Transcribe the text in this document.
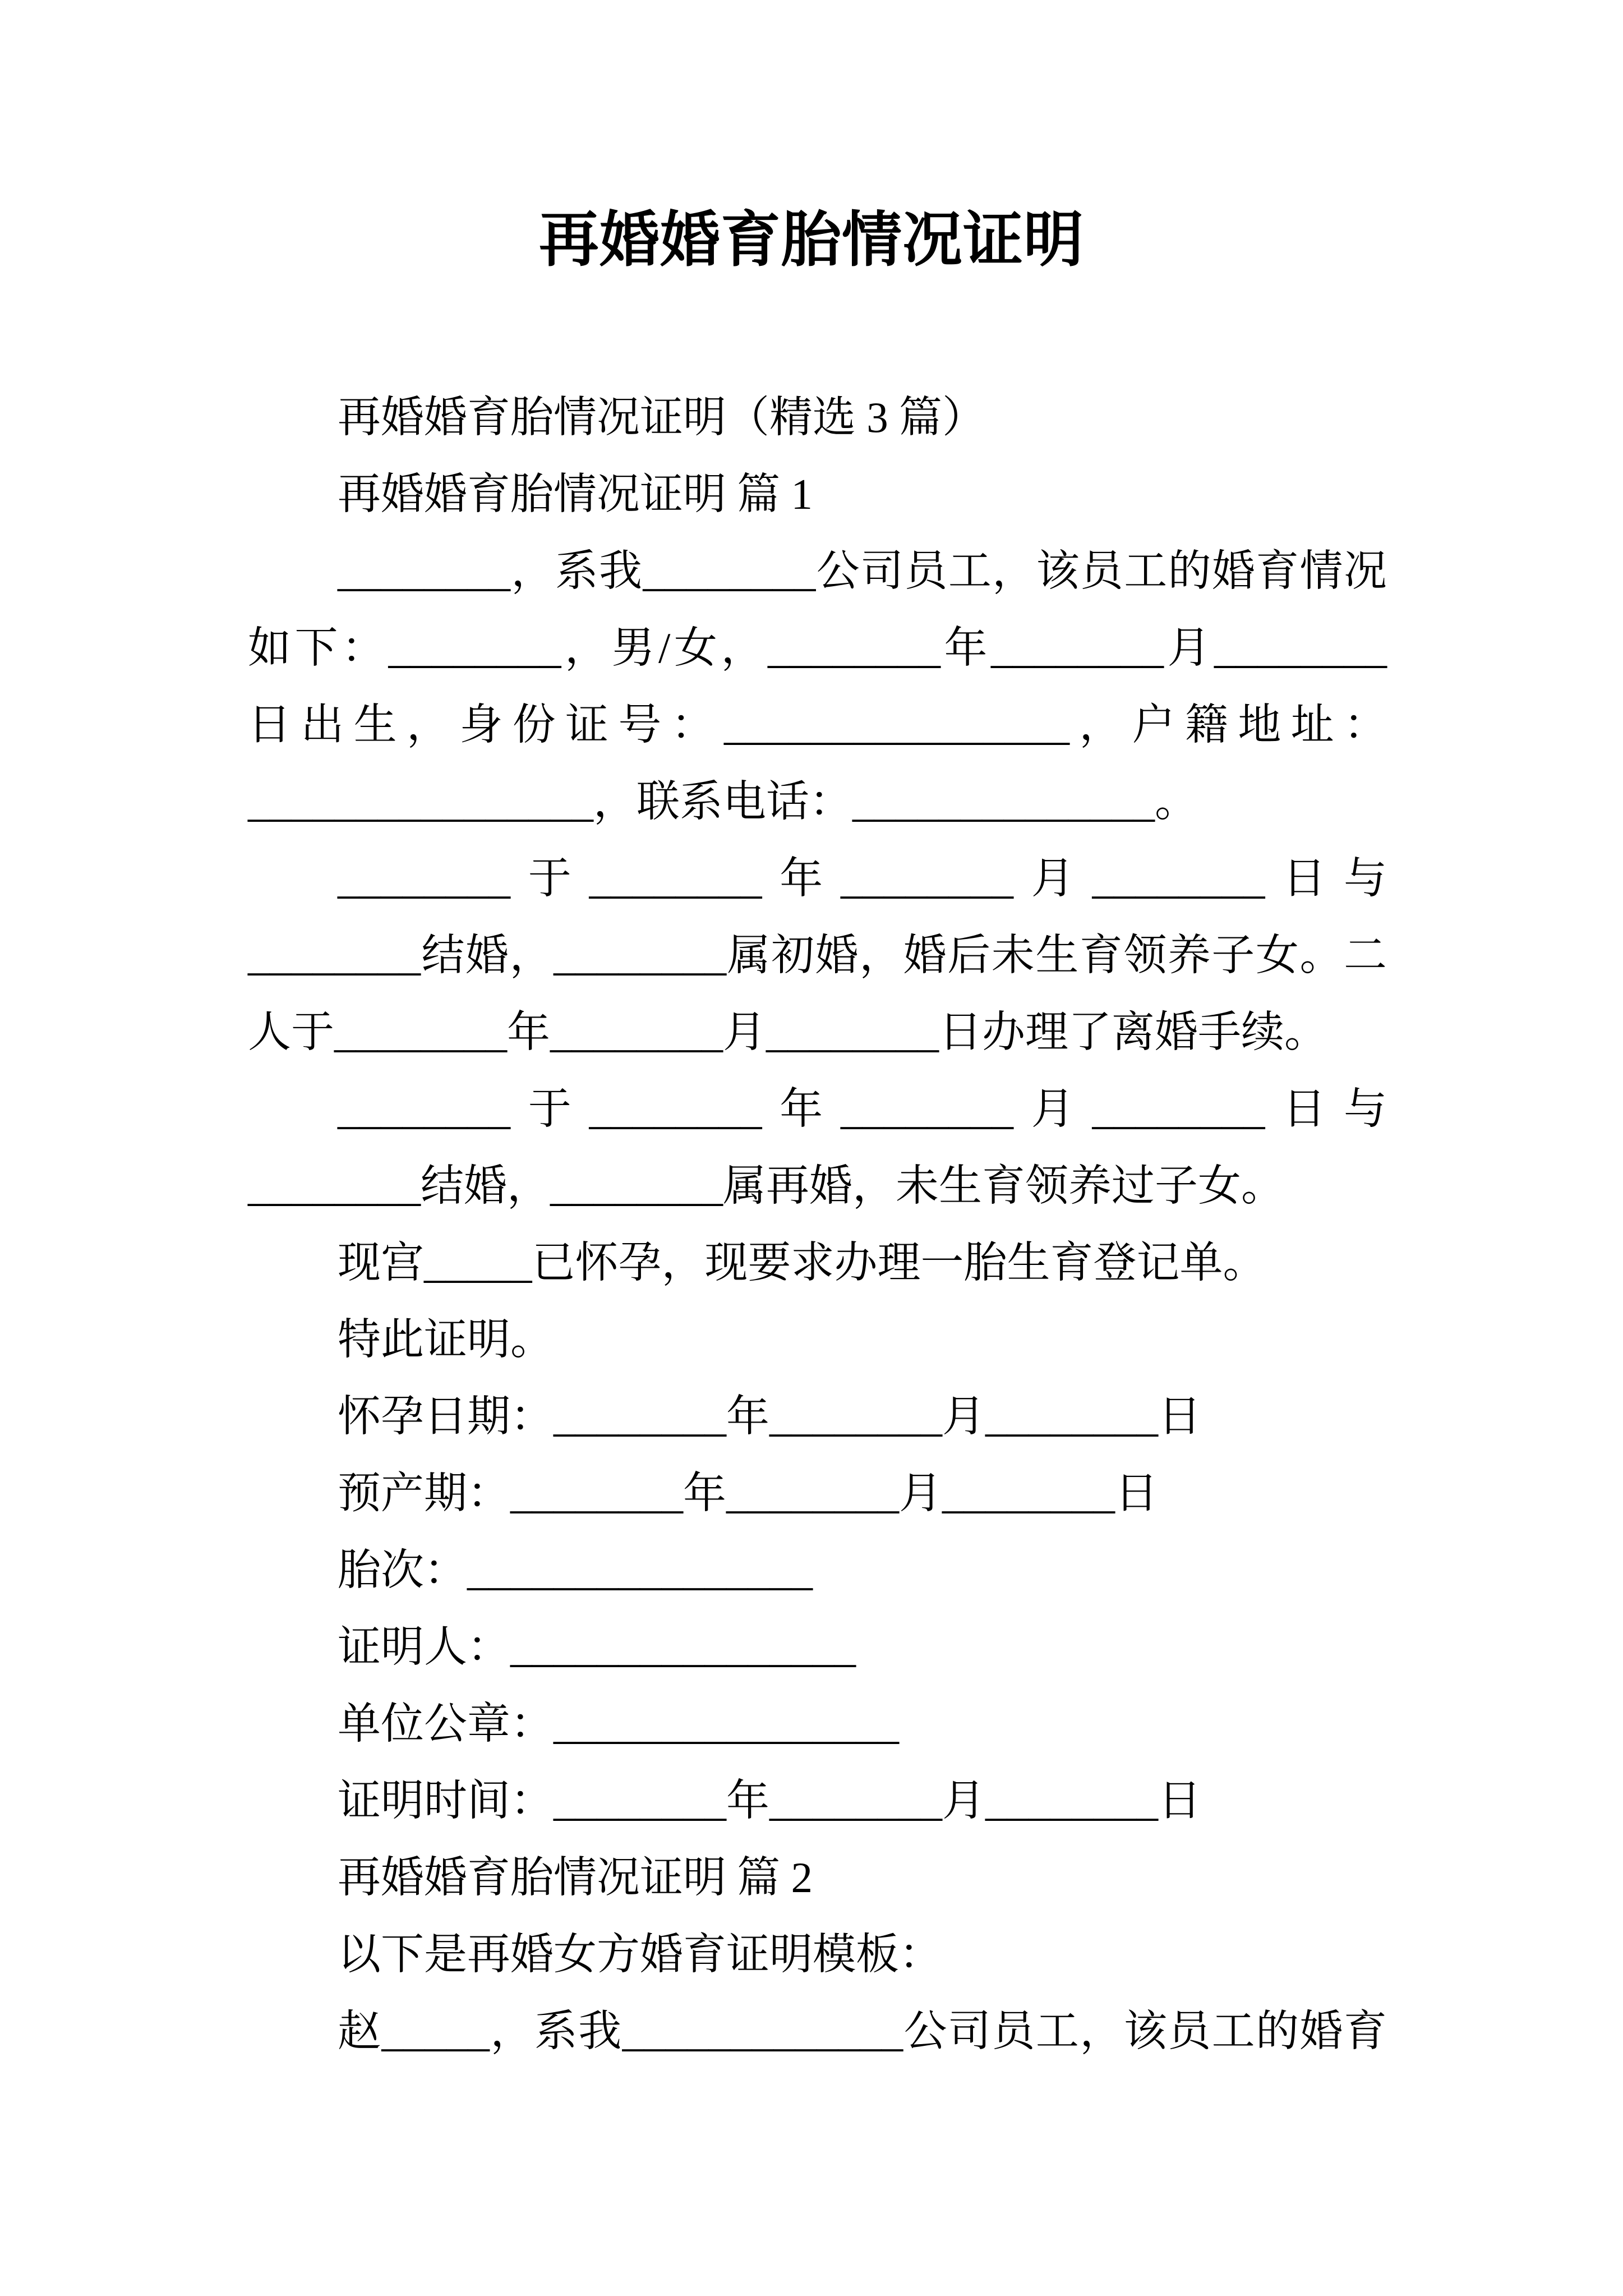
再婚婚育胎情况证明
再婚婚育胎情况证明（精选 3 篇）
再婚婚育胎情况证明 篇 1
________，系我________公司员工，该员工的婚育情况
如下：________，男/女，________年________月________
日出生，身份证号：________________，户籍地址：
________________，联系电话：______________。
________于________年________月________日与
________结婚，________属初婚，婚后未生育领养子女。二
人于________年________月________日办理了离婚手续。
________于________年________月________日与
________结婚，________属再婚，未生育领养过子女。
现宫_____已怀孕，现要求办理一胎生育登记单。
特此证明。
怀孕日期：________年________月________日
预产期：________年________月________日
胎次：________________
证明人：________________
单位公章：________________
证明时间：________年________月________日
再婚婚育胎情况证明 篇 2
以下是再婚女方婚育证明模板：
赵_____，系我_____________公司员工，该员工的婚育
